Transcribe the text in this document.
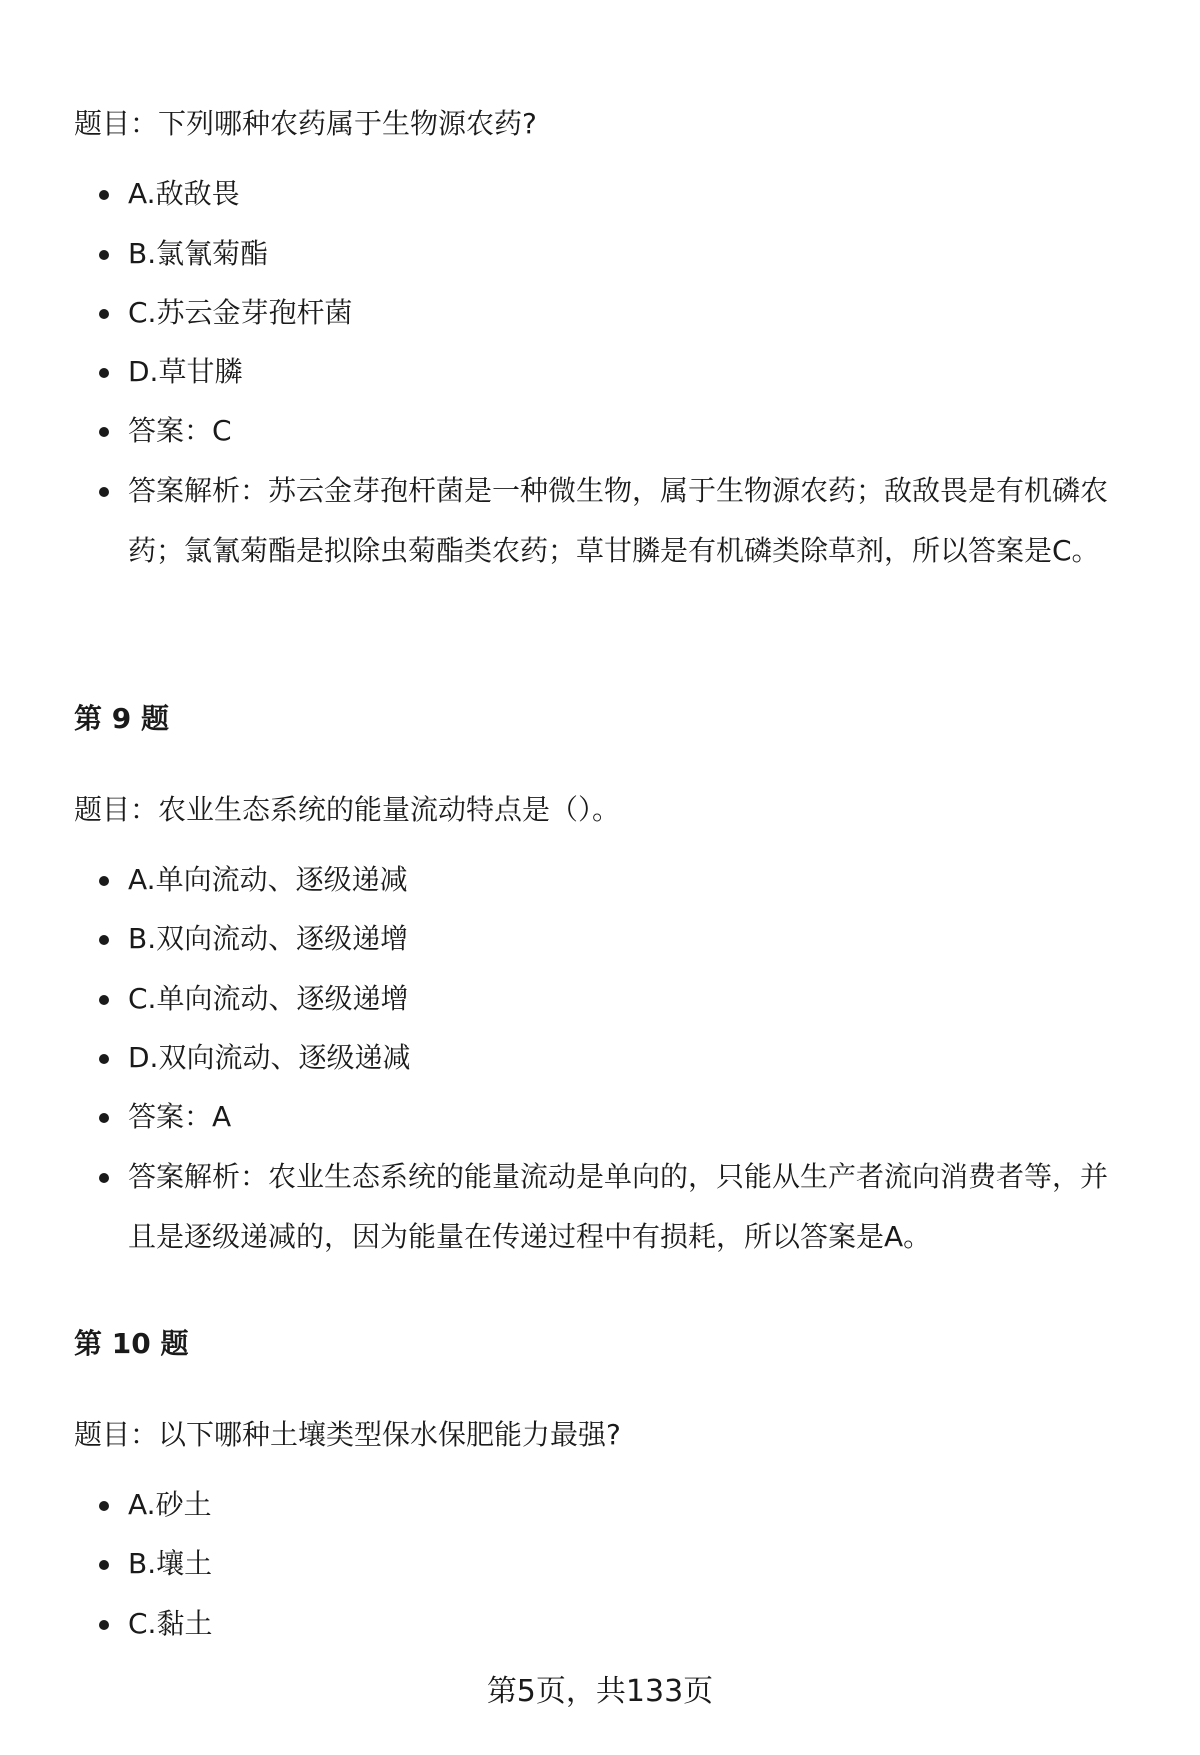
题目：下列哪种农药属于生物源农药?
A.敌敌畏
B.氯氰菊酯
C.苏云金芽孢杆菌
D.草甘膦
答案：C
答案解析：苏云金芽孢杆菌是一种微生物，属于生物源农药；敌敌畏是有机磷农药；氯氰菊酯是拟除虫菊酯类农药；草甘膦是有机磷类除草剂，所以答案是C。
第 9 题
题目：农业生态系统的能量流动特点是（）。
A.单向流动、逐级递减
B.双向流动、逐级递增
C.单向流动、逐级递增
D.双向流动、逐级递减
答案：A
答案解析：农业生态系统的能量流动是单向的，只能从生产者流向消费者等，并且是逐级递减的，因为能量在传递过程中有损耗，所以答案是A。
第 10 题
题目：以下哪种土壤类型保水保肥能力最强?
A.砂土
B.壤土
C.黏土
第5页，共133页
